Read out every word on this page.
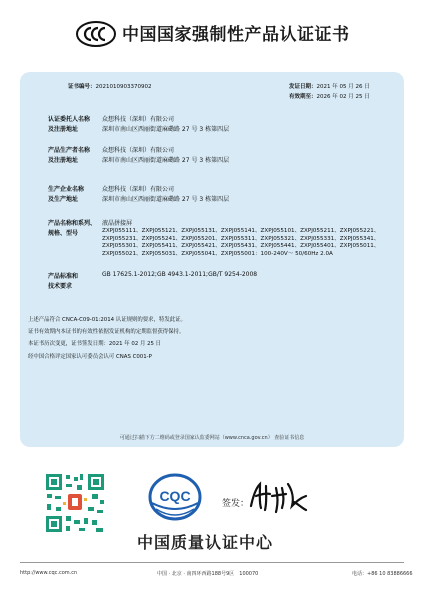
中国国家强制性产品认证证书
证书编号：2021010903370902	发证日期：2021 年 05 月 26 日
有效期至：2026 年 02 月 25 日
认证委托人名称
及注册地址
众想科技（深圳）有限公司
深圳市南山区西丽街道麻磡路 27 号 3 栋第四层
产品生产者名称
及注册地址
众想科技（深圳）有限公司
深圳市南山区西丽街道麻磡路 27 号 3 栋第四层
生产企业名称
及生产地址
众想科技（深圳）有限公司
深圳市南山区西丽街道麻磡路 27 号 3 栋第四层
产品名称和系列、
规格、型号
液晶拼接屏
ZXPJ055111、ZXPJ055121、ZXPJ055131、ZXPJ055141、ZXPJ055101、ZXPJ055211、ZXPJ055221、ZXPJ055231、ZXPJ055241、ZXPJ055201、ZXPJ055311、ZXPJ055321、ZXPJ055331、ZXPJ055341、ZXPJ055301、ZXPJ055411、ZXPJ055421、ZXPJ055431、ZXPJ055441、ZXPJ055401、ZXPJ055011、ZXPJ055021、ZXPJ055031、ZXPJ055041、ZXPJ055001：100-240V～ 50/60Hz 2.0A
产品标准和
技术要求
GB 17625.1-2012;GB 4943.1-2011;GB/T 9254-2008
上述产品符合 CNCA-C09-01:2014 认证规则的要求，特发此证。
证书有效期内本证书的有效性依据发证机构的定期监督获得保持。
本证书历次变更，证书签发日期：2021 年 02 月 25 日
经中国合格评定国家认可委员会认可 CNAS C001-P
可通过扫描下方二维码或登录国家认监委网站（www.cnca.gov.cn） 查验证书信息
CQC	签发：
中国质量认证中心
http://www.cqc.com.cn	中国 · 北京 · 南四环西路188号9区　100070	电话：+86 10 83886666
